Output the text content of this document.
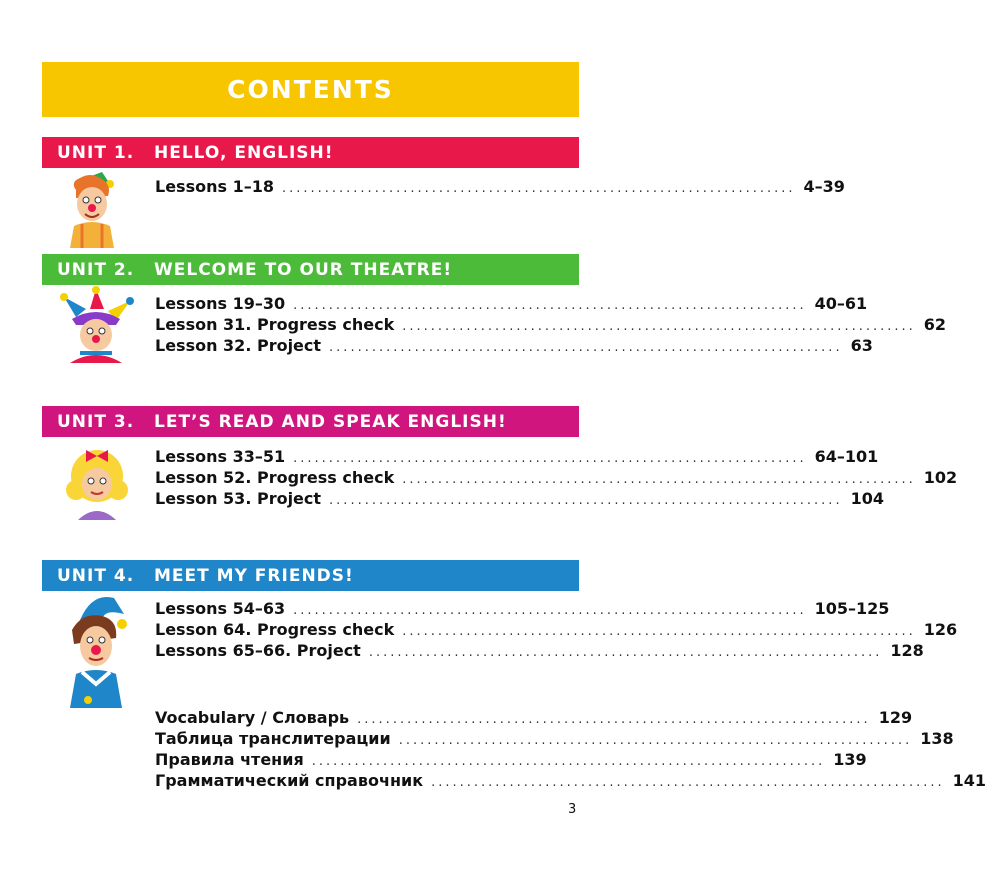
CONTENTS
UNIT 1.	HELLO, ENGLISH!
Lessons 1–18 ........................................................................ 4–39
UNIT 2.	WELCOME TO OUR THEATRE!
Lessons 19–30 ........................................................................ 40–61
Lesson 31. Progress check ........................................................................ 62
Lesson 32. Project ........................................................................ 63
UNIT 3.	LET’S READ AND SPEAK ENGLISH!
Lessons 33–51 ........................................................................ 64–101
Lesson 52. Progress check ........................................................................ 102
Lesson 53. Project ........................................................................ 104
UNIT 4.	MEET MY FRIENDS!
Lessons 54–63 ........................................................................ 105–125
Lesson 64. Progress check ........................................................................ 126
Lessons 65–66. Project ........................................................................ 128
Vocabulary / Словарь ........................................................................ 129
Таблица транслитерации ........................................................................ 138
Правила чтения ........................................................................ 139
Грамматический справочник ........................................................................ 141
3
